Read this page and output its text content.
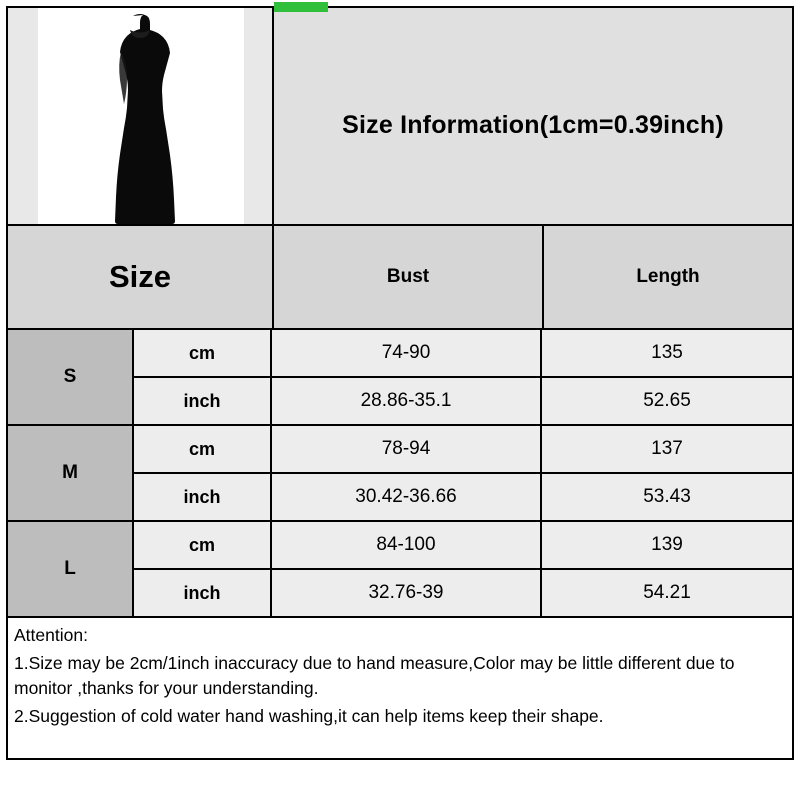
Size Information(1cm=0.39inch)
Size	Bust	Length
S
cm	74-90	135
inch	28.86-35.1	52.65
M
cm	78-94	137
inch	30.42-36.66	53.43
L
cm	84-100	139
inch	32.76-39	54.21

Attention:

1.Size may be 2cm/1inch inaccuracy due to hand measure,Color may be little different due to monitor ,thanks for your understanding.

2.Suggestion of cold water hand washing,it can help items keep their shape.
